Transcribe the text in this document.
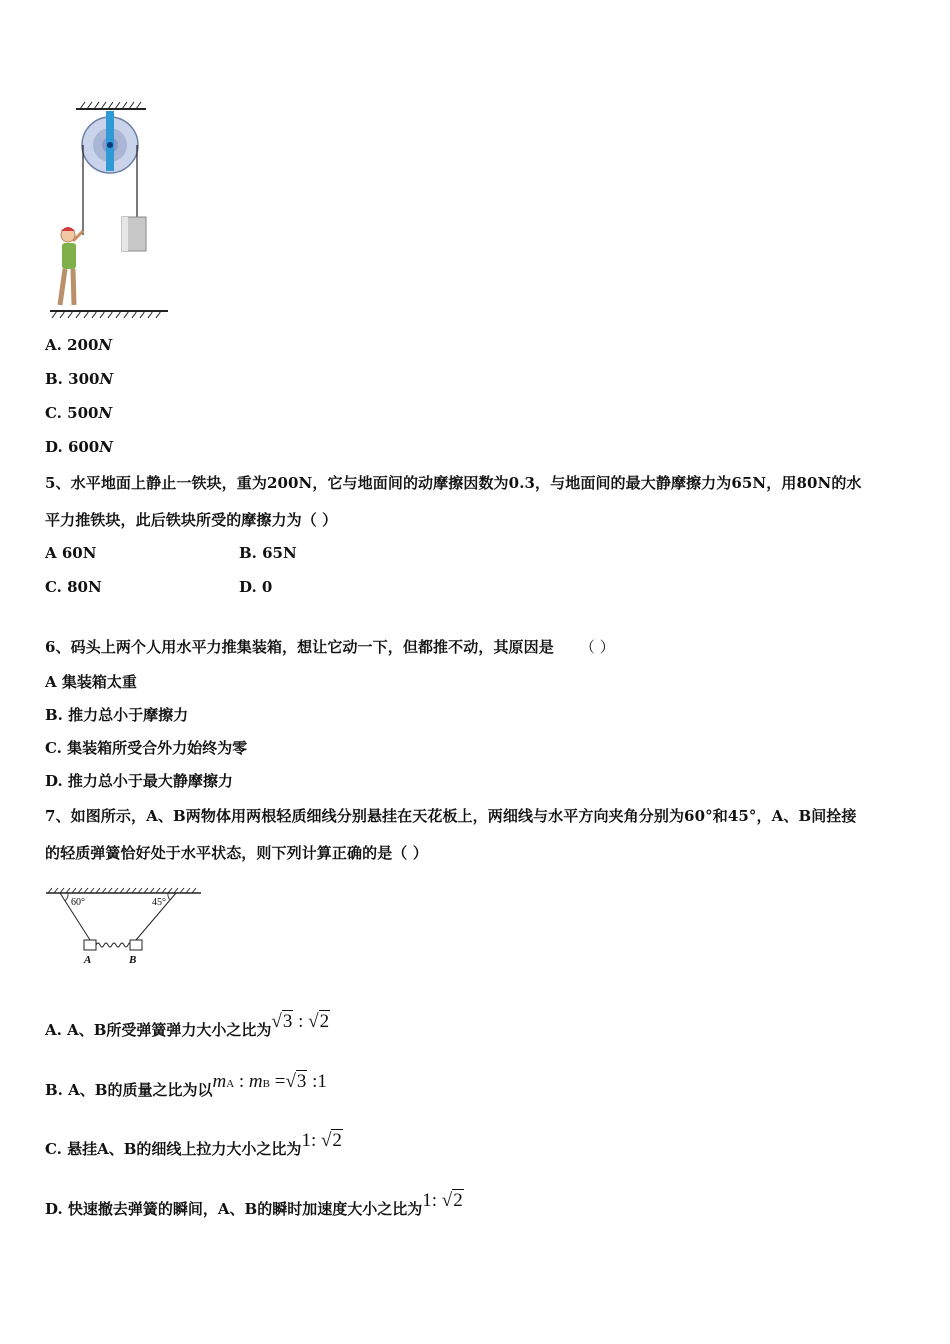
A. 200N
B. 300N
C. 500N
D. 600N
5、水平地面上静止一铁块，重为200N，它与地面间的动摩擦因数为0.3，与地面间的最大静摩擦力为65N，用80N的水
平力推铁块，此后铁块所受的摩擦力为（ ）
A 60N	B. 65N
C. 80N	D. 0
6、码头上两个人用水平力推集装箱，想让它动一下，但都推不动，其原因是 （ ）
A 集装箱太重
B. 推力总小于摩擦力
C. 集装箱所受合外力始终为零
D. 推力总小于最大静摩擦力
7、如图所示，A、B两物体用两根轻质细线分别悬挂在天花板上，两细线与水平方向夹角分别为60°和45°，A、B间拴接
的轻质弹簧恰好处于水平状态，则下列计算正确的是（ ）
60°	45°
A	B
A. A、B所受弹簧弹力大小之比为√3 : √2
B. A、B的质量之比为以mA : mB =√3 :1
C. 悬挂A、B的细线上拉力大小之比为1: √2
D. 快速撤去弹簧的瞬间，A、B的瞬时加速度大小之比为1: √2
